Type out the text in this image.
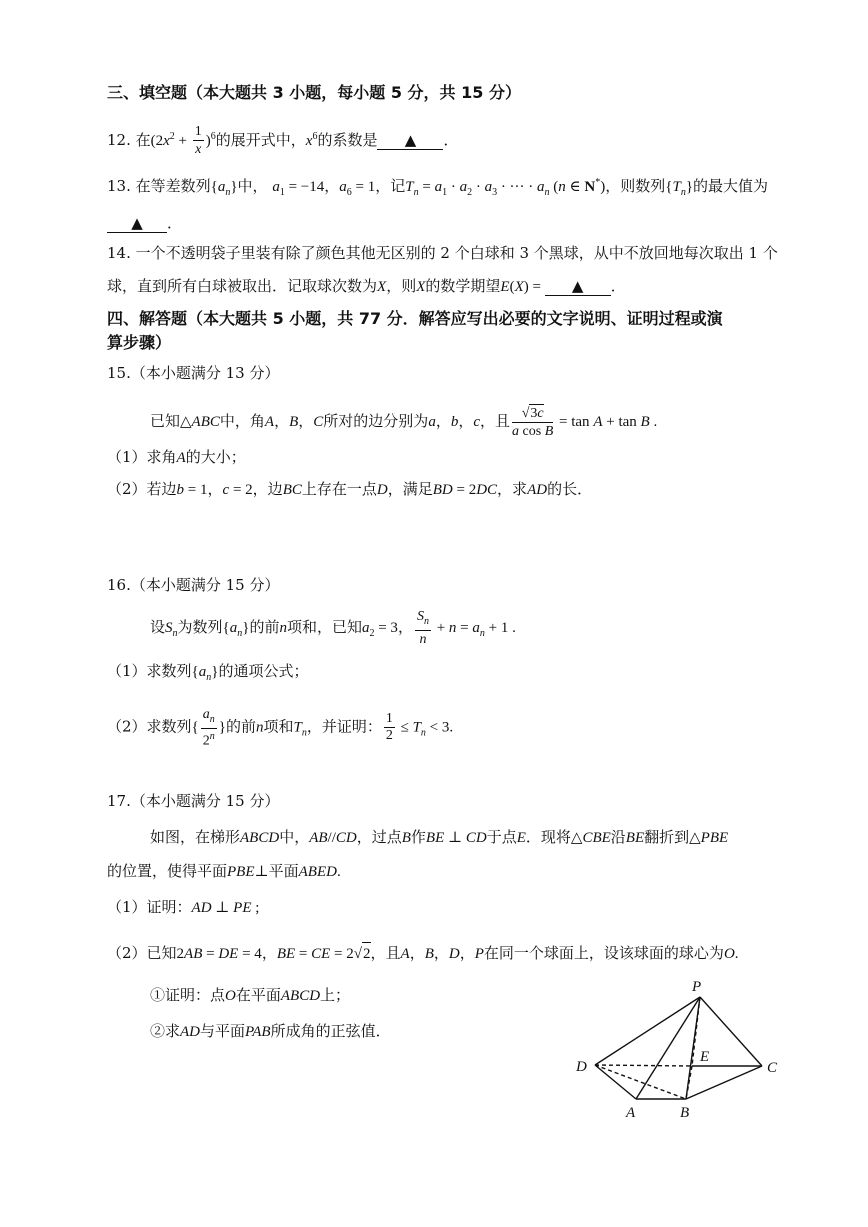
三、填空题（本大题共 3 小题，每小题 5 分，共 15 分）
12. 在$(2x^2 + \frac{1}{x} )^6$的展开式中，$x^6$的系数是 ▲ ．
13. 在等差数列$\{a_n\}$中， $a_1 = -14$，$a_6 = 1$，记$T_n = a_1 \cdot a_2 \cdot a_3$ · ··· · $a_n$ (n ∈ N*)，则数列$\{T_n\}$的最大值为
▲ ．
14. 一个不透明袋子里装有除了颜色其他无区别的 2 个白球和 3 个黑球，从中不放回地每次取出 1 个
球，直到所有白球被取出．记取球次数为X，则X的数学期望E(X) = ▲ ．
四、解答题（本大题共 5 小题，共 77 分．解答应写出必要的文字说明、证明过程或演
算步骤）
15.（本小题满分 13 分）
已知△ABC中，角A，B，C所对的边分别为a，b，c，且 $\frac{√3c}{\text{a cos B}} = \tan A + \tan B$ .
（1）求角A的大小；
（2）若边b = 1，c = 2，边BC上存在一点D，满足BD = 2DC，求AD的长．
16.（本小题满分 15 分）
设$S_n$为数列$\{a_n\}$的前n项和，已知$a_2 = 3$， $\frac{S_n}{n} + n = a_n + 1$ .
（1）求数列$\{a_n\}$的通项公式；
（2）求数列{ $\frac{a_n}{2^n}$ }的前n项和$T_n$，并证明： $\frac{1}{2} \le T_n < 3$.
17.（本小题满分 15 分）
如图，在梯形ABCD中，AB//CD，过点B作BE ⊥ CD于点E．现将△CBE沿BE翻折到△PBE
的位置，使得平面PBE⊥平面ABED.
（1）证明：AD ⊥ PE ;
（2）已知2AB = DE = 4，BE = CE = 2√2，且A，B，D，P在同一个球面上，设该球面的球心为O.
①证明：点O在平面ABCD上；
②求AD与平面PAB所成角的正弦值．
P
D
E
C
A	B
